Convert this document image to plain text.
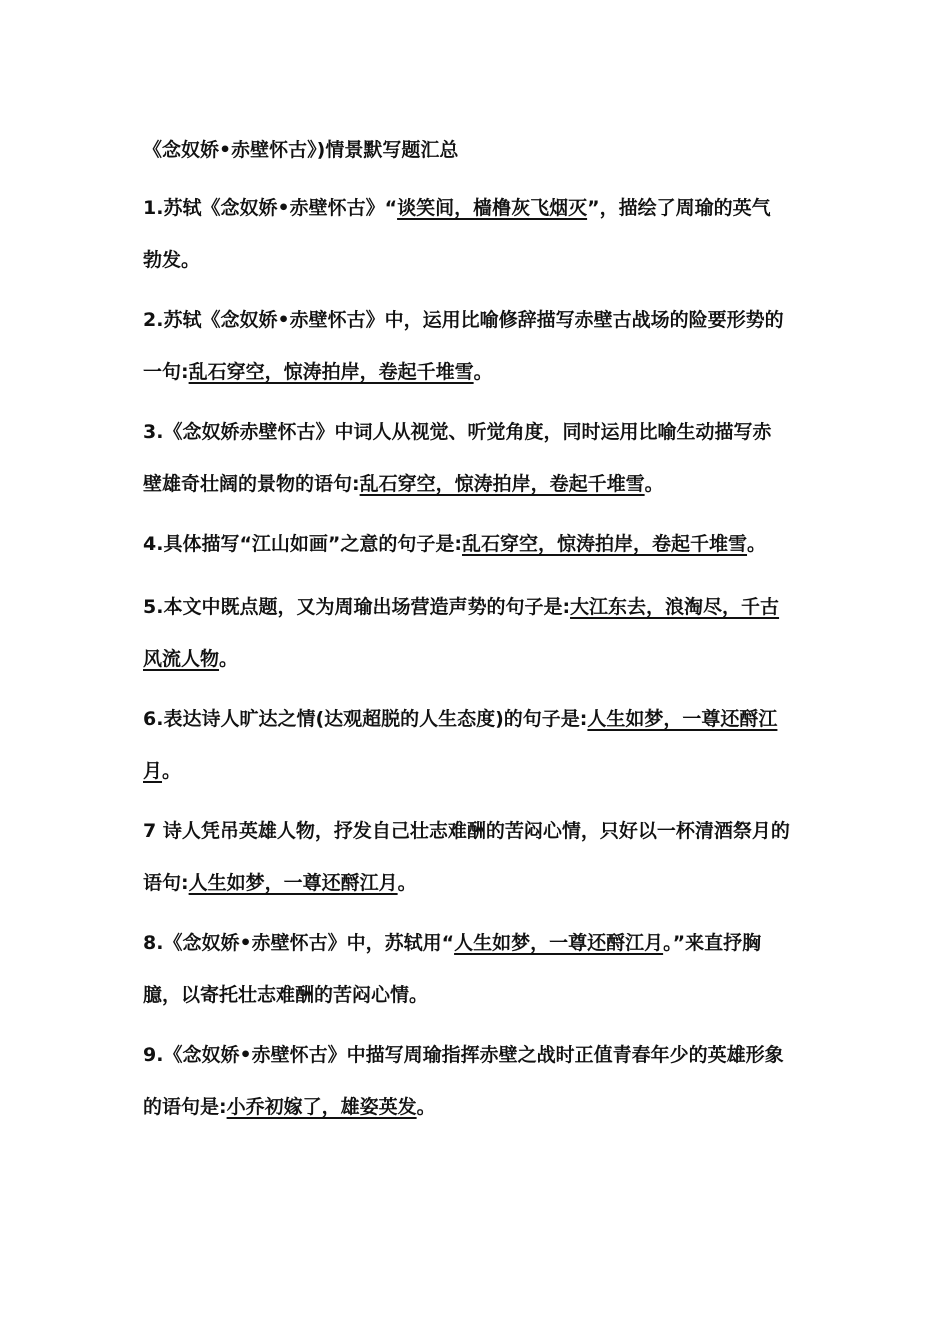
《念奴娇•赤壁怀古》)情景默写题汇总
1.苏轼《念奴娇•赤壁怀古》“谈笑间，樯橹灰飞烟灭”，描绘了周瑜的英气
勃发。
2.苏轼《念奴娇•赤壁怀古》中，运用比喻修辞描写赤壁古战场的险要形势的
一句:乱石穿空，惊涛拍岸，卷起千堆雪。
3.《念奴娇赤壁怀古》中词人从视觉、听觉角度，同时运用比喻生动描写赤
壁雄奇壮阔的景物的语句:乱石穿空，惊涛拍岸，卷起千堆雪。
4.具体描写“江山如画”之意的句子是:乱石穿空，惊涛拍岸，卷起千堆雪。
5.本文中既点题，又为周瑜出场营造声势的句子是:大江东去，浪淘尽，千古
风流人物。
6.表达诗人旷达之情(达观超脱的人生态度)的句子是:人生如梦，一尊还酹江
月。
7 诗人凭吊英雄人物，抒发自己壮志难酬的苦闷心情，只好以一杯清酒祭月的
语句:人生如梦，一尊还酹江月。
8.《念奴娇•赤壁怀古》中，苏轼用“人生如梦，一尊还酹江月。”来直抒胸
臆，以寄托壮志难酬的苦闷心情。
9.《念奴娇•赤壁怀古》中描写周瑜指挥赤壁之战时正值青春年少的英雄形象
的语句是:小乔初嫁了，雄姿英发。
